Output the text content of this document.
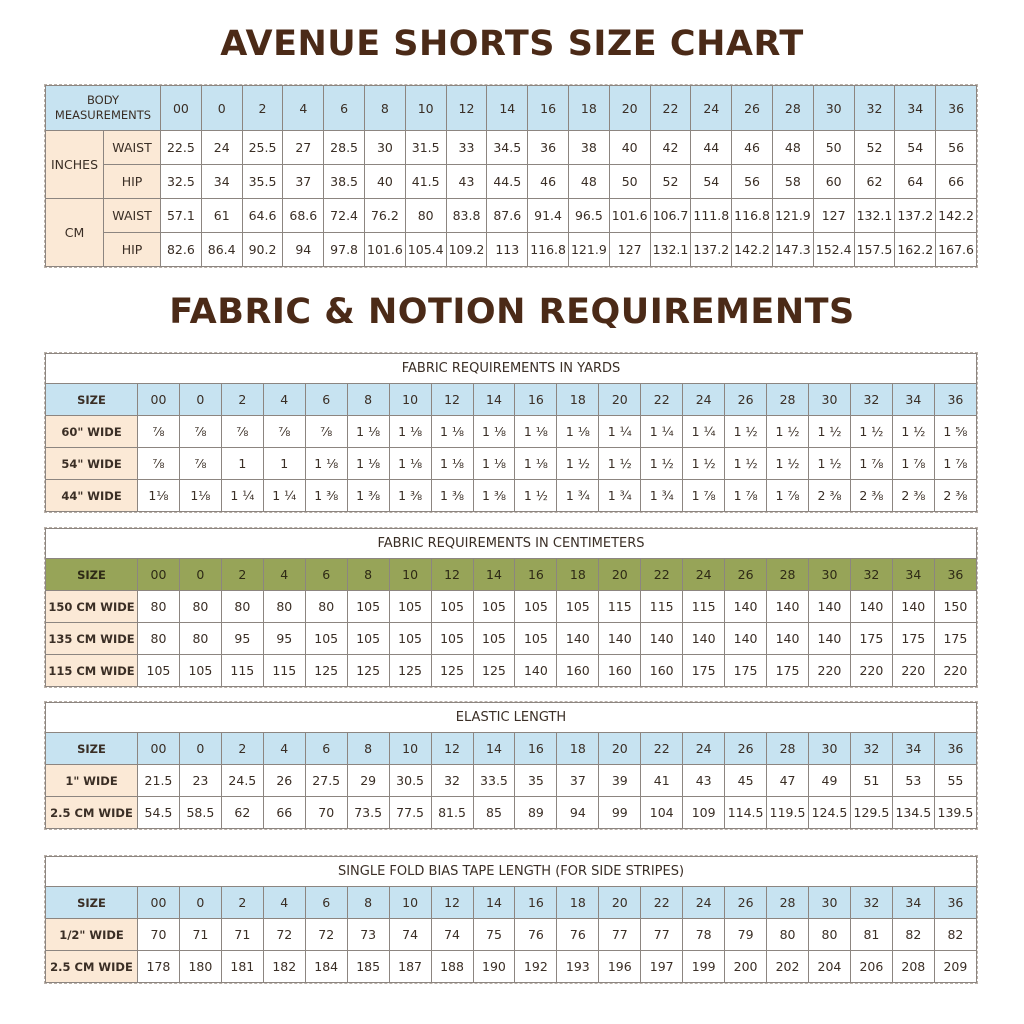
AVENUE SHORTS SIZE CHART
BODY MEASUREMENTS		00	0	2	4	6	8	10	12	14	16	18	20	22	24	26	28	30	32	34	36
INCHES	WAIST	22.5	24	25.5	27	28.5	30	31.5	33	34.5	36	38	40	42	44	46	48	50	52	54	56
	HIP	32.5	34	35.5	37	38.5	40	41.5	43	44.5	46	48	50	52	54	56	58	60	62	64	66
CM	WAIST	57.1	61	64.6	68.6	72.4	76.2	80	83.8	87.6	91.4	96.5	101.6	106.7	111.8	116.8	121.9	127	132.1	137.2	142.2
	HIP	82.6	86.4	90.2	94	97.8	101.6	105.4	109.2	113	116.8	121.9	127	132.1	137.2	142.2	147.3	152.4	157.5	162.2	167.6
FABRIC & NOTION REQUIREMENTS
FABRIC REQUIREMENTS IN YARDS
SIZE	00	0	2	4	6	8	10	12	14	16	18	20	22	24	26	28	30	32	34	36
60" WIDE	⅞	⅞	⅞	⅞	⅞	1 ⅛	1 ⅛	1 ⅛	1 ⅛	1 ⅛	1 ⅛	1 ¼	1 ¼	1 ¼	1 ½	1 ½	1 ½	1 ½	1 ½	1 ⅝
54" WIDE	⅞	⅞	1	1	1 ⅛	1 ⅛	1 ⅛	1 ⅛	1 ⅛	1 ⅛	1 ½	1 ½	1 ½	1 ½	1 ½	1 ½	1 ½	1 ⅞	1 ⅞	1 ⅞
44" WIDE	1⅛	1⅛	1 ¼	1 ¼	1 ⅜	1 ⅜	1 ⅜	1 ⅜	1 ⅜	1 ½	1 ¾	1 ¾	1 ¾	1 ⅞	1 ⅞	1 ⅞	2 ⅜	2 ⅜	2 ⅜	2 ⅜
FABRIC REQUIREMENTS IN CENTIMETERS
SIZE	00	0	2	4	6	8	10	12	14	16	18	20	22	24	26	28	30	32	34	36
150 CM WIDE	80	80	80	80	80	105	105	105	105	105	105	115	115	115	140	140	140	140	140	150
135 CM WIDE	80	80	95	95	105	105	105	105	105	105	140	140	140	140	140	140	140	175	175	175
115 CM WIDE	105	105	115	115	125	125	125	125	125	140	160	160	160	175	175	175	220	220	220	220
ELASTIC LENGTH
SIZE	00	0	2	4	6	8	10	12	14	16	18	20	22	24	26	28	30	32	34	36
1" WIDE	21.5	23	24.5	26	27.5	29	30.5	32	33.5	35	37	39	41	43	45	47	49	51	53	55
2.5 CM WIDE	54.5	58.5	62	66	70	73.5	77.5	81.5	85	89	94	99	104	109	114.5	119.5	124.5	129.5	134.5	139.5
SINGLE FOLD BIAS TAPE LENGTH (FOR SIDE STRIPES)
SIZE	00	0	2	4	6	8	10	12	14	16	18	20	22	24	26	28	30	32	34	36
1/2" WIDE	70	71	71	72	72	73	74	74	75	76	76	77	77	78	79	80	80	81	82	82
2.5 CM WIDE	178	180	181	182	184	185	187	188	190	192	193	196	197	199	200	202	204	206	208	209
